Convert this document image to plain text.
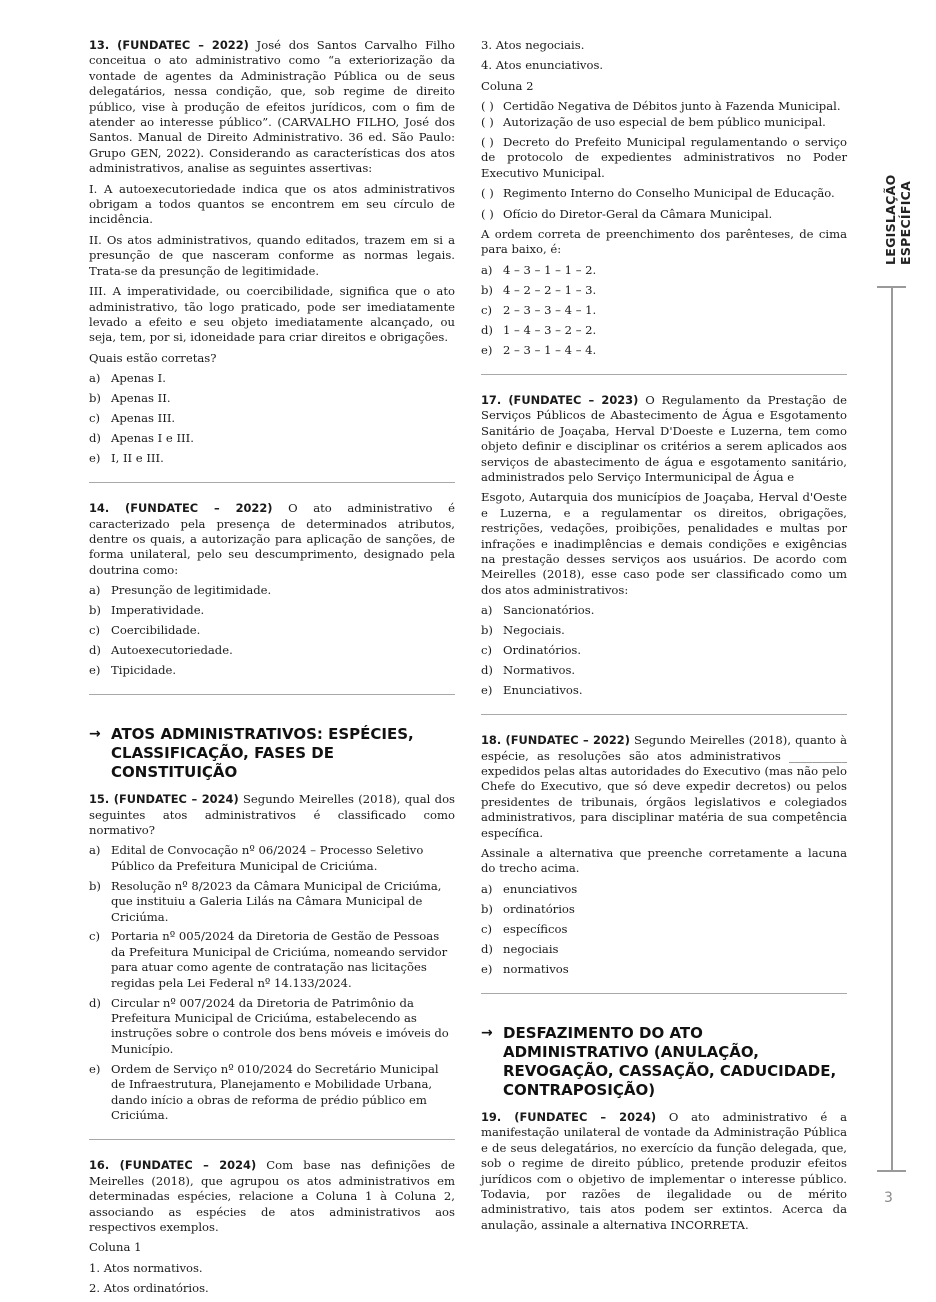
13. (FUNDATEC – 2022) José dos Santos Carvalho Filho conceitua o ato administrativo como “a exteriorização da vontade de agentes da Administração Pública ou de seus delegatários, nessa condição, que, sob regime de direito público, vise à produção de efeitos jurídicos, com o fim de atender ao interesse público”. (CARVALHO FILHO, José dos Santos. Manual de Direito Administrativo. 36 ed. São Paulo: Grupo GEN, 2022). Considerando as características dos atos administrativos, analise as seguintes assertivas:

I. A autoexecutoriedade indica que os atos administrativos obrigam a todos quantos se encontrem em seu círculo de incidência.

II. Os atos administrativos, quando editados, trazem em si a presunção de que nasceram conforme as normas legais. Trata-se da presunção de legitimidade.

III. A imperatividade, ou coercibilidade, significa que o ato administrativo, tão logo praticado, pode ser imediatamente levado a efeito e seu objeto imediatamente alcançado, ou seja, tem, por si, idoneidade para criar direitos e obrigações.

Quais estão corretas?

a) Apenas I.
b) Apenas II.
c) Apenas III.
d) Apenas I e III.
e) I, II e III.

14. (FUNDATEC – 2022) O ato administrativo é caracterizado pela presença de determinados atributos, dentre os quais, a autorização para aplicação de sanções, de forma unilateral, pelo seu descumprimento, designado pela doutrina como:

a) Presunção de legitimidade.
b) Imperatividade.
c) Coercibilidade.
d) Autoexecutoriedade.
e) Tipicidade.
→ ATOS ADMINISTRATIVOS: ESPÉCIES, CLASSIFICAÇÃO, FASES DE CONSTITUIÇÃO

15. (FUNDATEC – 2024) Segundo Meirelles (2018), qual dos seguintes atos administrativos é classificado como normativo?

a) Edital de Convocação nº 06/2024 – Processo Seletivo Público da Prefeitura Municipal de Criciúma.
b) Resolução nº 8/2023 da Câmara Municipal de Criciúma, que instituiu a Galeria Lilás na Câmara Municipal de Criciúma.
c) Portaria nº 005/2024 da Diretoria de Gestão de Pessoas da Prefeitura Municipal de Criciúma, nomeando servidor para atuar como agente de contratação nas licitações regidas pela Lei Federal nº 14.133/2024.
d) Circular nº 007/2024 da Diretoria de Patrimônio da Prefeitura Municipal de Criciúma, estabelecendo as instruções sobre o controle dos bens móveis e imóveis do Município.
e) Ordem de Serviço nº 010/2024 do Secretário Municipal de Infraestrutura, Planejamento e Mobilidade Urbana, dando início a obras de reforma de prédio público em Criciúma.

16. (FUNDATEC – 2024) Com base nas definições de Meirelles (2018), que agrupou os atos administrativos em determinadas espécies, relacione a Coluna 1 à Coluna 2, associando as espécies de atos administrativos aos respectivos exemplos.

Coluna 1

1. Atos normativos.

2. Atos ordinatórios.

3. Atos negociais.

4. Atos enunciativos.

Coluna 2

( ) Certidão Negativa de Débitos junto à Fazenda Municipal.

( ) Autorização de uso especial de bem público municipal.

( ) Decreto do Prefeito Municipal regulamentando o serviço de protocolo de expedientes administrativos no Poder Executivo Municipal.

( ) Regimento Interno do Conselho Municipal de Educação.

( ) Ofício do Diretor-Geral da Câmara Municipal.

A ordem correta de preenchimento dos parênteses, de cima para baixo, é:

a) 4 – 3 – 1 – 1 – 2.
b) 4 – 2 – 2 – 1 – 3.
c) 2 – 3 – 3 – 4 – 1.
d) 1 – 4 – 3 – 2 – 2.
e) 2 – 3 – 1 – 4 – 4.

17. (FUNDATEC – 2023) O Regulamento da Prestação de Serviços Públicos de Abastecimento de Água e Esgotamento Sanitário de Joaçaba, Herval D'Doeste e Luzerna, tem como objeto definir e disciplinar os critérios a serem aplicados aos serviços de abastecimento de água e esgotamento sanitário, administrados pelo Serviço Intermunicipal de Água e

Esgoto, Autarquia dos municípios de Joaçaba, Herval d'Oeste e Luzerna, e a regulamentar os direitos, obrigações, restrições, vedações, proibições, penalidades e multas por infrações e inadimplências e demais condições e exigências na prestação desses serviços aos usuários. De acordo com Meirelles (2018), esse caso pode ser classificado como um dos atos administrativos:

a) Sancionatórios.
b) Negociais.
c) Ordinatórios.
d) Normativos.
e) Enunciativos.

18. (FUNDATEC – 2022) Segundo Meirelles (2018), quanto à espécie, as resoluções são atos administrativos __________ expedidos pelas altas autoridades do Executivo (mas não pelo Chefe do Executivo, que só deve expedir decretos) ou pelos presidentes de tribunais, órgãos legislativos e colegiados administrativos, para disciplinar matéria de sua competência específica.

Assinale a alternativa que preenche corretamente a lacuna do trecho acima.

a) enunciativos
b) ordinatórios
c) específicos
d) negociais
e) normativos
→ DESFAZIMENTO DO ATO ADMINISTRATIVO (ANULAÇÃO, REVOGAÇÃO, CASSAÇÃO, CADUCIDADE, CONTRAPOSIÇÃO)

19. (FUNDATEC – 2024) O ato administrativo é a manifestação unilateral de vontade da Administração Pública e de seus delegatários, no exercício da função delegada, que, sob o regime de direito público, pretende produzir efeitos jurídicos com o objetivo de implementar o interesse público. Todavia, por razões de ilegalidade ou de mérito administrativo, tais atos podem ser extintos. Acerca da anulação, assinale a alternativa INCORRETA.

LEGISLAÇÃO ESPECÍFICA
3
